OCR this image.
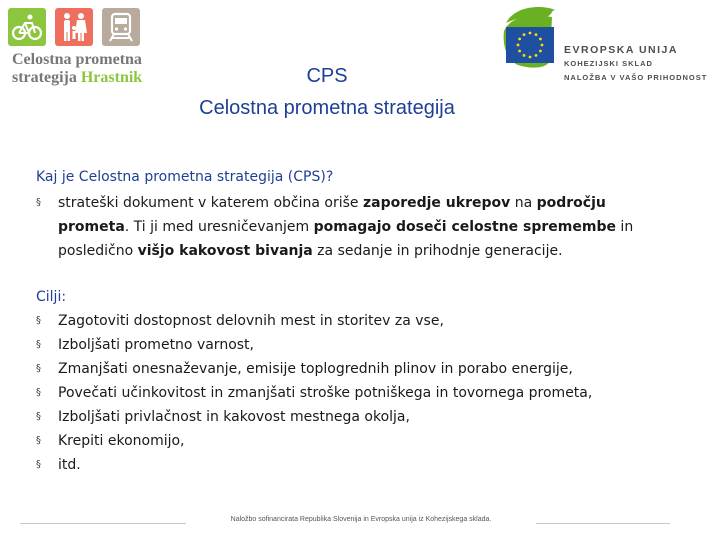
Celostna prometna
strategija Hrastnik
EVROPSKA UNIJA
KOHEZIJSKI SKLAD
NALOŽBA V VAŠO PRIHODNOST
CPS
Celostna prometna strategija
Kaj je Celostna prometna strategija (CPS)?
§ strateški dokument v katerem občina oriše zaporedje ukrepov na področju prometa. Ti ji med uresničevanjem pomagajo doseči celostne spremembe in posledično višjo kakovost bivanja za sedanje in prihodnje generacije.
Cilji:
§ Zagotoviti dostopnost delovnih mest in storitev za vse,
§ Izboljšati prometno varnost,
§ Zmanjšati onesnaževanje, emisije toplogrednih plinov in porabo energije,
§ Povečati učinkovitost in zmanjšati stroške potniškega in tovornega prometa,
§ Izboljšati privlačnost in kakovost mestnega okolja,
§ Krepiti ekonomijo,
§ itd.
Naložbo sofinancirata Republika Slovenija in Evropska unija iz Kohezijskega sklada.
